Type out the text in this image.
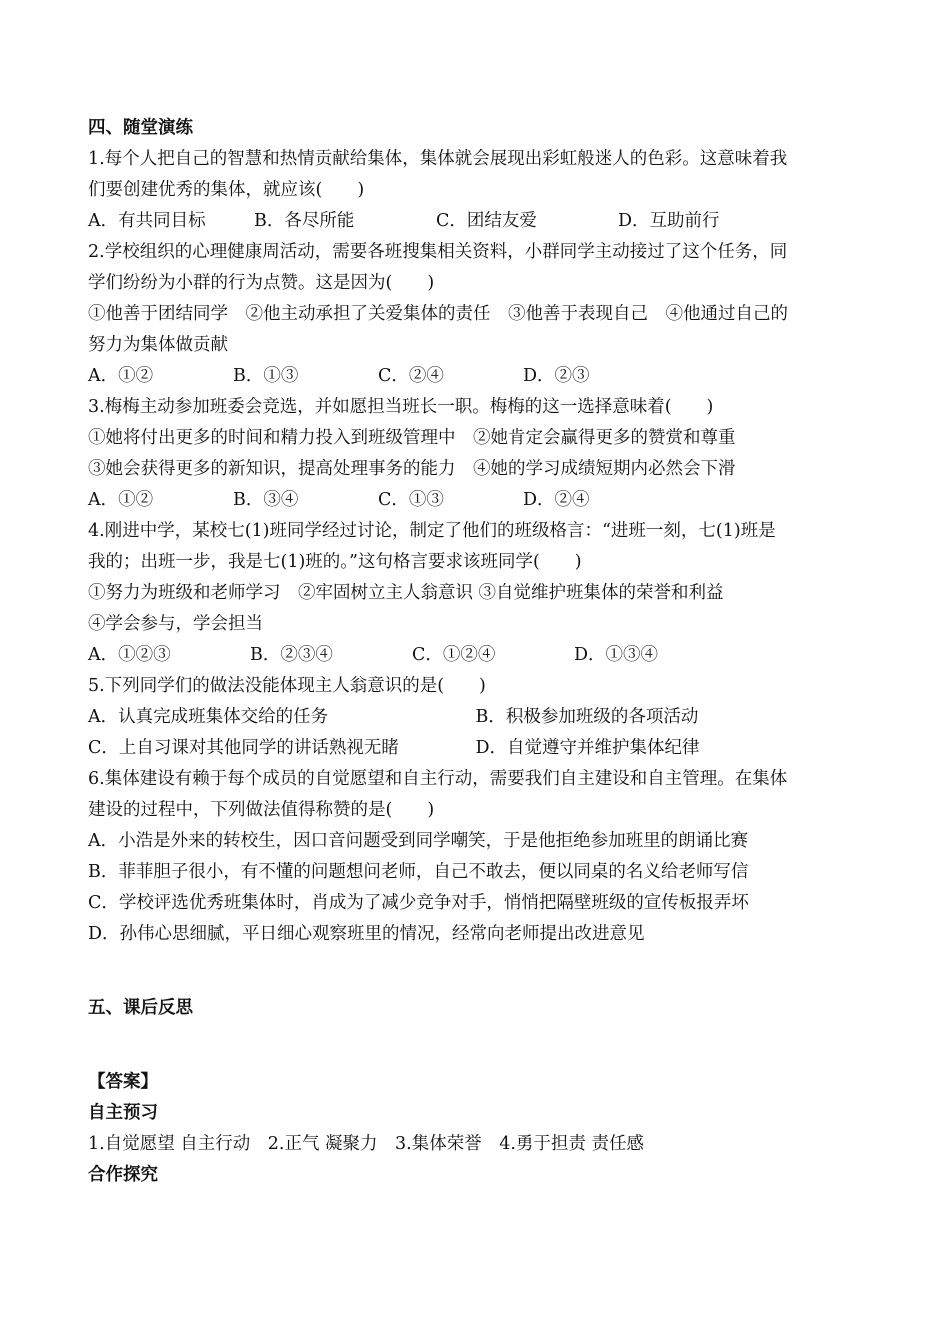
四、随堂演练
1.每个人把自己的智慧和热情贡献给集体，集体就会展现出彩虹般迷人的色彩。这意味着我
们要创建优秀的集体，就应该(　　)
A．有共同目标	B．各尽所能	C．团结友爱	D．互助前行
2.学校组织的心理健康周活动，需要各班搜集相关资料，小群同学主动接过了这个任务，同
学们纷纷为小群的行为点赞。这是因为(　　)
①他善于团结同学　②他主动承担了关爱集体的责任　③他善于表现自己　④他通过自己的
努力为集体做贡献
A．①②	B．①③	C．②④	D．②③
3.梅梅主动参加班委会竞选，并如愿担当班长一职。梅梅的这一选择意味着(　　)
①她将付出更多的时间和精力投入到班级管理中　②她肯定会赢得更多的赞赏和尊重
③她会获得更多的新知识，提高处理事务的能力　④她的学习成绩短期内必然会下滑
A．①②	B．③④	C．①③	D．②④
4.刚进中学，某校七(1)班同学经过讨论，制定了他们的班级格言：“进班一刻，七(1)班是
我的；出班一步，我是七(1)班的。”这句格言要求该班同学(　　)
①努力为班级和老师学习　②牢固树立主人翁意识 ③自觉维护班集体的荣誉和利益
④学会参与，学会担当
A．①②③	B．②③④	C．①②④	D．①③④
5.下列同学们的做法没能体现主人翁意识的是(　　)
A．认真完成班集体交给的任务	B．积极参加班级的各项活动
C．上自习课对其他同学的讲话熟视无睹	D．自觉遵守并维护集体纪律
6.集体建设有赖于每个成员的自觉愿望和自主行动，需要我们自主建设和自主管理。在集体
建设的过程中，下列做法值得称赞的是(　　)
A．小浩是外来的转校生，因口音问题受到同学嘲笑，于是他拒绝参加班里的朗诵比赛
B．菲菲胆子很小，有不懂的问题想问老师，自己不敢去，便以同桌的名义给老师写信
C．学校评选优秀班集体时，肖成为了减少竞争对手，悄悄把隔壁班级的宣传板报弄坏
D．孙伟心思细腻，平日细心观察班里的情况，经常向老师提出改进意见
五、课后反思
【答案】
自主预习
1.自觉愿望 自主行动　2.正气 凝聚力　3.集体荣誉　4.勇于担责 责任感
合作探究
